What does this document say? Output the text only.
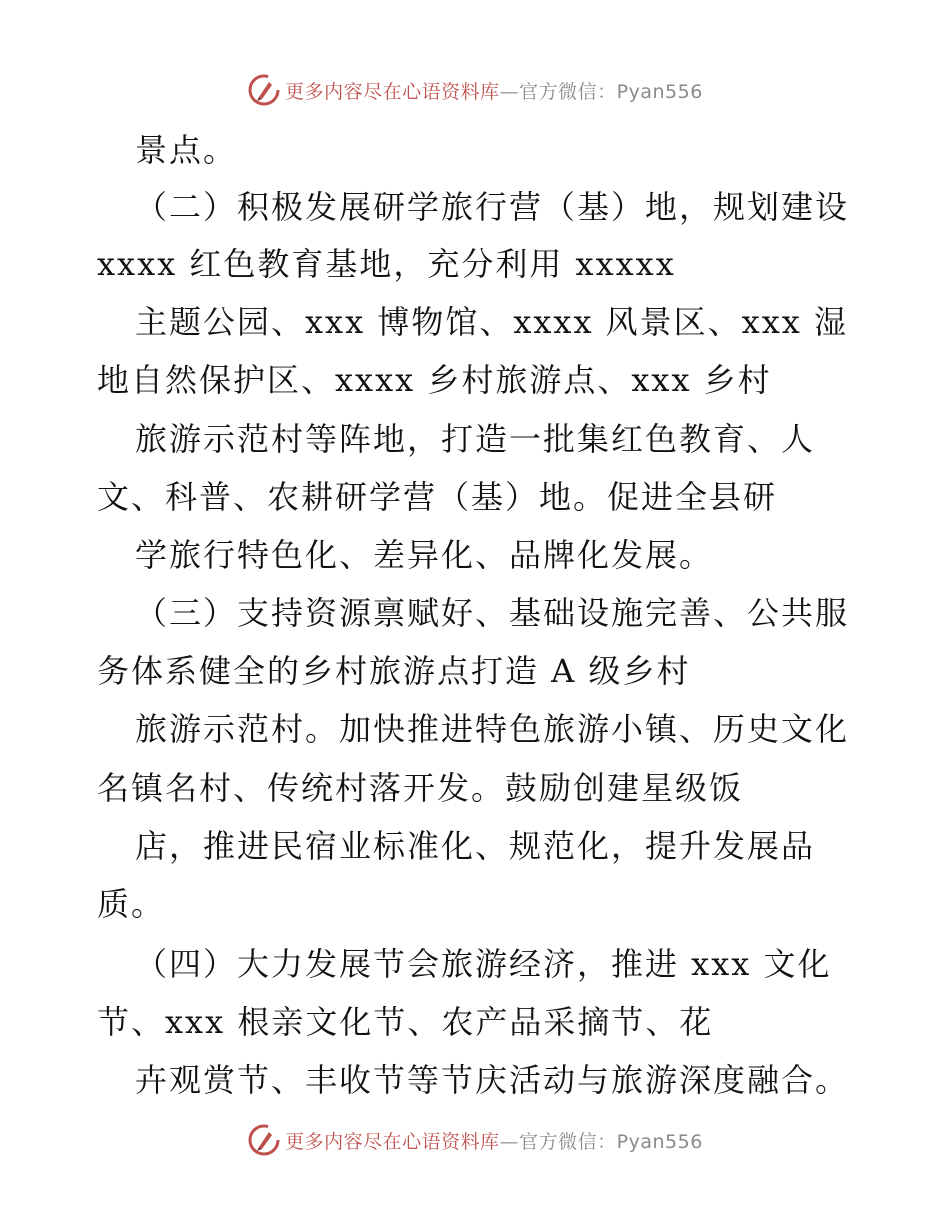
更多内容尽在心语资料库—官方微信：Pyan556
景点。
（二）积极发展研学旅行营（基）地，规划建设
xxxx 红色教育基地，充分利用 xxxxx
主题公园、xxx 博物馆、xxxx 风景区、xxx 湿
地自然保护区、xxxx 乡村旅游点、xxx 乡村
旅游示范村等阵地，打造一批集红色教育、人
文、科普、农耕研学营（基）地。促进全县研
学旅行特色化、差异化、品牌化发展。
（三）支持资源禀赋好、基础设施完善、公共服
务体系健全的乡村旅游点打造 A 级乡村
旅游示范村。加快推进特色旅游小镇、历史文化
名镇名村、传统村落开发。鼓励创建星级饭
店，推进民宿业标准化、规范化，提升发展品
质。
（四）大力发展节会旅游经济，推进 xxx 文化
节、xxx 根亲文化节、农产品采摘节、花
卉观赏节、丰收节等节庆活动与旅游深度融合。
更多内容尽在心语资料库—官方微信：Pyan556
